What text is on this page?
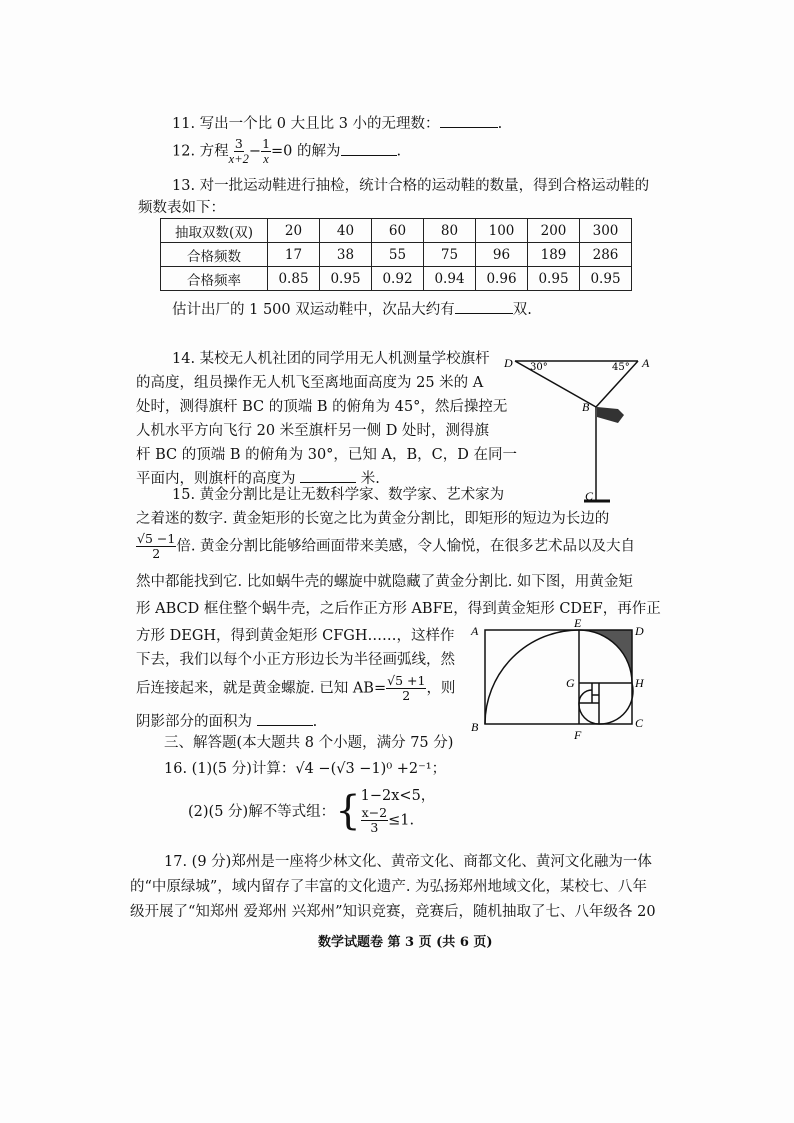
11. 写出一个比 0 大且比 3 小的无理数：	.
12. 方程 $\frac{3}{x+2} - \frac{1}{x} =0$ 的解为	.
13. 对一批运动鞋进行抽检，统计合格的运动鞋的数量，得到合格运动鞋的
频数表如下：
抽取双数(双)	20	40	60	80	100	200	300
合格频数	17	38	55	75	96	189	286
合格频率	0.85	0.95	0.92	0.94	0.96	0.95	0.95
估计出厂的 1 500 双运动鞋中，次品大约有	双.
14. 某校无人机社团的同学用无人机测量学校旗杆
的高度，组员操作无人机飞至离地面高度为 25 米的 A
处时，测得旗杆 BC 的顶端 B 的俯角为 45°，然后操控无
人机水平方向飞行 20 米至旗杆另一侧 D 处时，测得旗
杆 BC 的顶端 B 的俯角为 30°，已知 A，B，C，D 在同一
平面内，则旗杆的高度为	米.
D	A
B
C
30°	45°
15. 黄金分割比是让无数科学家、数学家、艺术家为
之着迷的数字. 黄金矩形的长宽之比为黄金分割比，即矩形的短边为长边的
$\frac{√5 -1}{2}$ 倍. 黄金分割比能够给画面带来美感，令人愉悦，在很多艺术品以及大自
然中都能找到它. 比如蜗牛壳的螺旋中就隐藏了黄金分割比. 如下图，用黄金矩
形 ABCD 框住整个蜗牛壳，之后作正方形 ABFE，得到黄金矩形 CDEF，再作正
方形 DEGH，得到黄金矩形 CFGH……，这样作
下去，我们以每个小正方形边长为半径画弧线，然
后连接起来，就是黄金螺旋. 已知 $AB= \frac{√5 +1}{2}$ ，则
阴影部分的面积为	.
A
B	C
D
E
F
G	H
三、解答题(本大题共 8 个小题，满分 75 分)
16. (1)(5 分)计算：√4 −(√3 −1)⁰ +2⁻¹；
(2)(5 分)解不等式组： { 1−2x<5，
$\frac{x-2}{3} \le 1$.
17. (9 分)郑州是一座将少林文化、黄帝文化、商都文化、黄河文化融为一体
的“中原绿城”，域内留存了丰富的文化遗产. 为弘扬郑州地域文化，某校七、八年
级开展了“知郑州 爱郑州 兴郑州”知识竞赛，竞赛后，随机抽取了七、八年级各 20
数学试题卷 第 3 页 (共 6 页)
